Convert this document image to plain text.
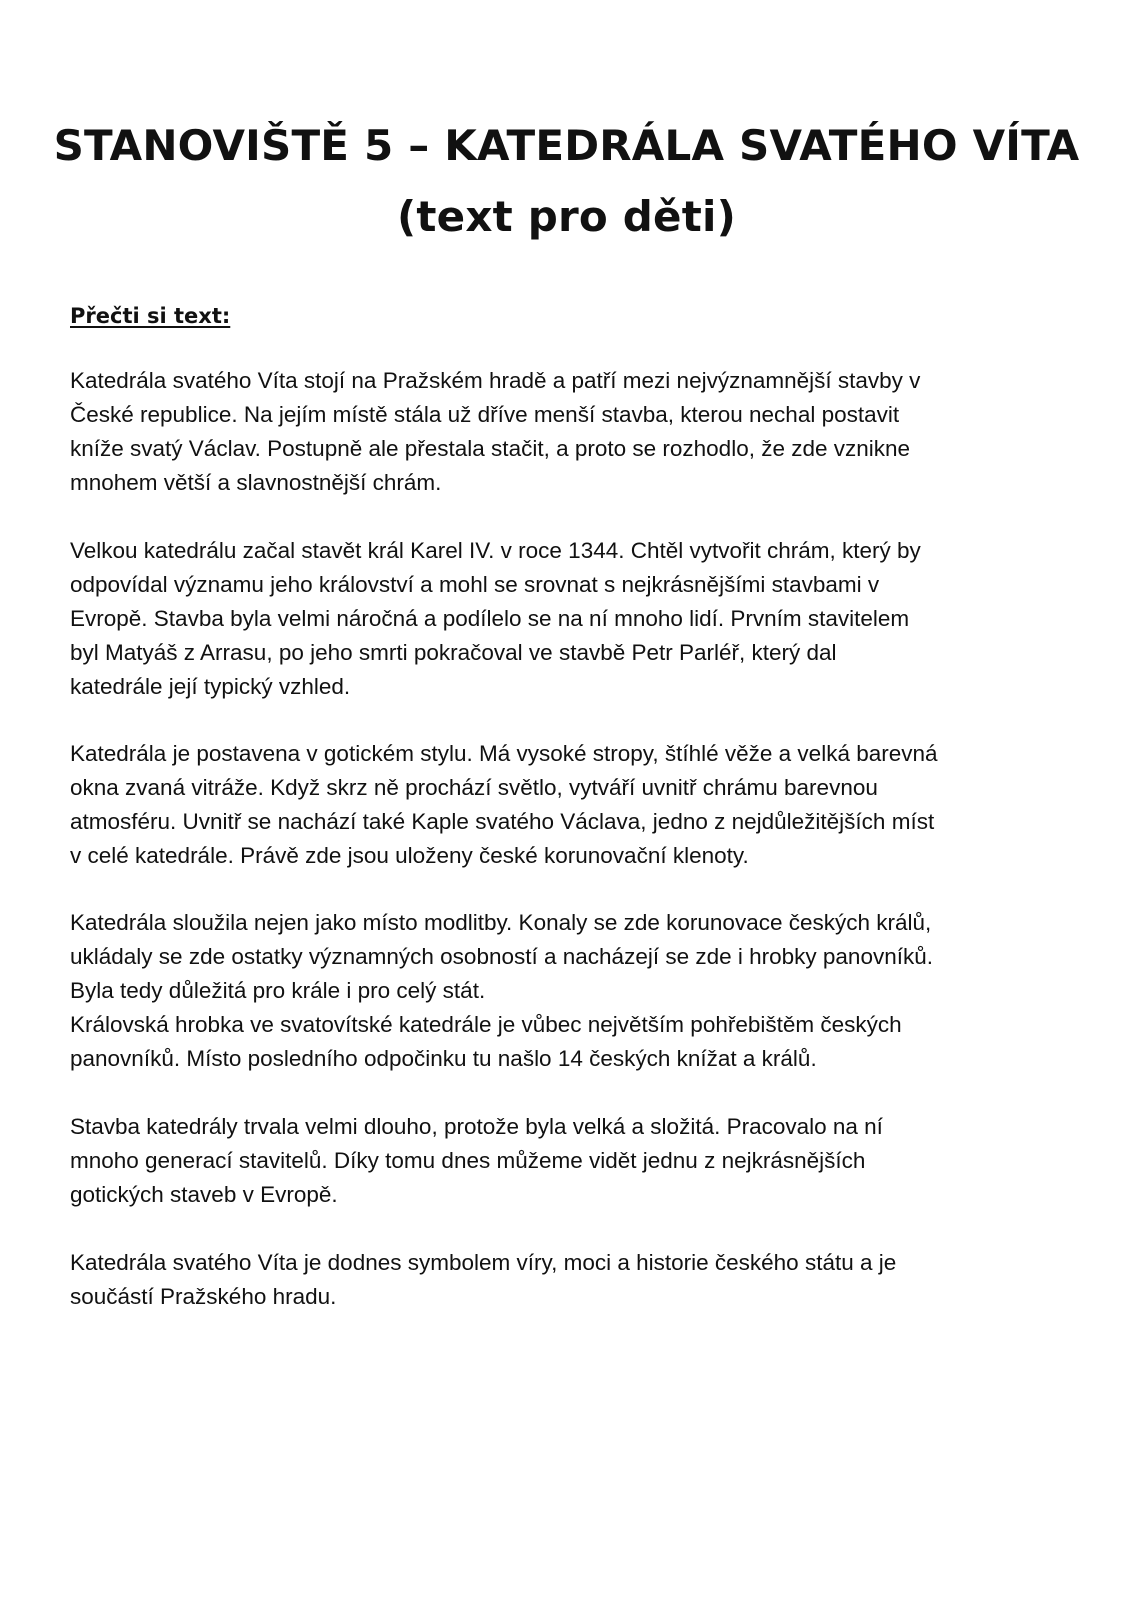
STANOVIŠTĚ 5 – KATEDRÁLA SVATÉHO VÍTA
(text pro děti)

Přečti si text:

Katedrála svatého Víta stojí na Pražském hradě a patří mezi nejvýznamnější stavby v

České republice. Na jejím místě stála už dříve menší stavba, kterou nechal postavit

kníže svatý Václav. Postupně ale přestala stačit, a proto se rozhodlo, že zde vznikne

mnohem větší a slavnostnější chrám.

Velkou katedrálu začal stavět král Karel IV. v roce 1344. Chtěl vytvořit chrám, který by

odpovídal významu jeho království a mohl se srovnat s nejkrásnějšími stavbami v

Evropě. Stavba byla velmi náročná a podílelo se na ní mnoho lidí. Prvním stavitelem

byl Matyáš z Arrasu, po jeho smrti pokračoval ve stavbě Petr Parléř, který dal

katedrále její typický vzhled.

Katedrála je postavena v gotickém stylu. Má vysoké stropy, štíhlé věže a velká barevná

okna zvaná vitráže. Když skrz ně prochází světlo, vytváří uvnitř chrámu barevnou

atmosféru. Uvnitř se nachází také Kaple svatého Václava, jedno z nejdůležitějších míst

v celé katedrále. Právě zde jsou uloženy české korunovační klenoty.

Katedrála sloužila nejen jako místo modlitby. Konaly se zde korunovace českých králů,

ukládaly se zde ostatky významných osobností a nacházejí se zde i hrobky panovníků.

Byla tedy důležitá pro krále i pro celý stát.

Královská hrobka ve svatovítské katedrále je vůbec největším pohřebištěm českých

panovníků. Místo posledního odpočinku tu našlo 14 českých knížat a králů.

Stavba katedrály trvala velmi dlouho, protože byla velká a složitá. Pracovalo na ní

mnoho generací stavitelů. Díky tomu dnes můžeme vidět jednu z nejkrásnějších

gotických staveb v Evropě.

Katedrála svatého Víta je dodnes symbolem víry, moci a historie českého státu a je

součástí Pražského hradu.
